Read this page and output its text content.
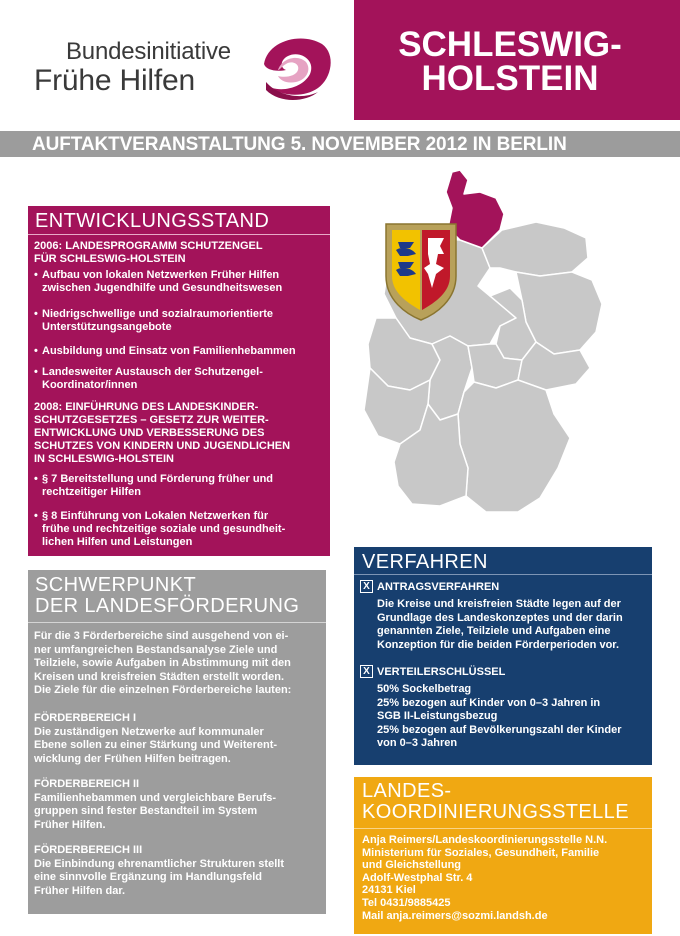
Bundesinitiative
Frühe Hilfen
SCHLESWIG-
HOLSTEIN
AUFTAKTVERANSTALTUNG 5. NOVEMBER 2012 IN BERLIN
ENTWICKLUNGSSTAND
2006: LANDESPROGRAMM SCHUTZENGEL
FÜR SCHLESWIG-HOLSTEIN
• Aufbau von lokalen Netzwerken Früher Hilfen
zwischen Jugendhilfe und Gesundheitswesen
• Niedrigschwellige und sozialraumorientierte
Unterstützungsangebote
• Ausbildung und Einsatz von Familienhebammen
• Landesweiter Austausch der Schutzengel-
Koordinator/innen
2008: EINFÜHRUNG DES LANDESKINDER-
SCHUTZGESETZES – GESETZ ZUR WEITER-
ENTWICKLUNG UND VERBESSERUNG DES
SCHUTZES VON KINDERN UND JUGENDLICHEN
IN SCHLESWIG-HOLSTEIN
• § 7 Bereitstellung und Förderung früher und
rechtzeitiger Hilfen
• § 8 Einführung von Lokalen Netzwerken für
frühe und rechtzeitige soziale und gesundheit-
lichen Hilfen und Leistungen
SCHWERPUNKT
DER LANDESFÖRDERUNG
Für die 3 Förderbereiche sind ausgehend von ei-
ner umfangreichen Bestandsanalyse Ziele und
Teilziele, sowie Aufgaben in Abstimmung mit den
Kreisen und kreisfreien Städten erstellt worden.
Die Ziele für die einzelnen Förderbereiche lauten:
FÖRDERBEREICH I
Die zuständigen Netzwerke auf kommunaler
Ebene sollen zu einer Stärkung und Weiterent-
wicklung der Frühen Hilfen beitragen.
FÖRDERBEREICH II
Familienhebammen und vergleichbare Berufs-
gruppen sind fester Bestandteil im System
Früher Hilfen.
FÖRDERBEREICH III
Die Einbindung ehrenamtlicher Strukturen stellt
eine sinnvolle Ergänzung im Handlungsfeld
Früher Hilfen dar.
VERFAHREN
X ANTRAGSVERFAHREN
Die Kreise und kreisfreien Städte legen auf der
Grundlage des Landeskonzeptes und der darin
genannten Ziele, Teilziele und Aufgaben eine
Konzeption für die beiden Förderperioden vor.
X VERTEILERSCHLÜSSEL
50% Sockelbetrag
25% bezogen auf Kinder von 0–3 Jahren in
SGB II-Leistungsbezug
25% bezogen auf Bevölkerungszahl der Kinder
von 0–3 Jahren
LANDES-
KOORDINIERUNGSSTELLE
Anja Reimers/Landeskoordinierungsstelle N.N.
Ministerium für Soziales, Gesundheit, Familie
und Gleichstellung
Adolf-Westphal Str. 4
24131 Kiel
Tel 0431/9885425
Mail anja.reimers@sozmi.landsh.de
